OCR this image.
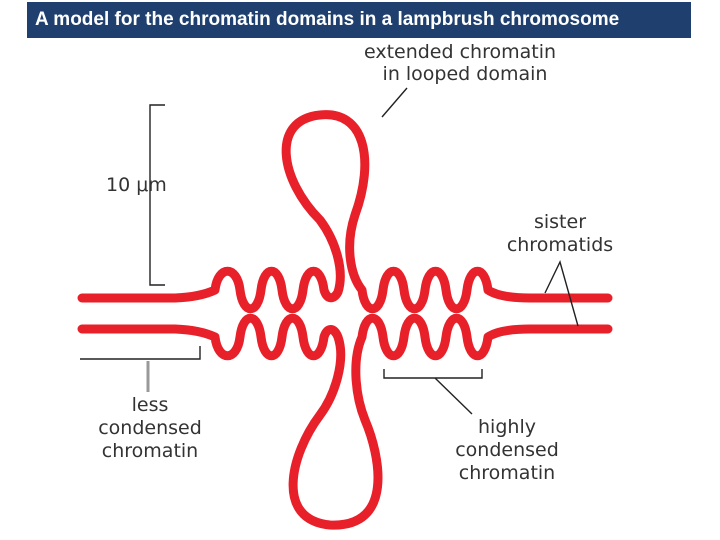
A model for the chromatin domains in a lampbrush chromosome
10 μm
extended chromatin
in looped domain
sister
chromatids
less
condensed
chromatin
highly
condensed
chromatin
